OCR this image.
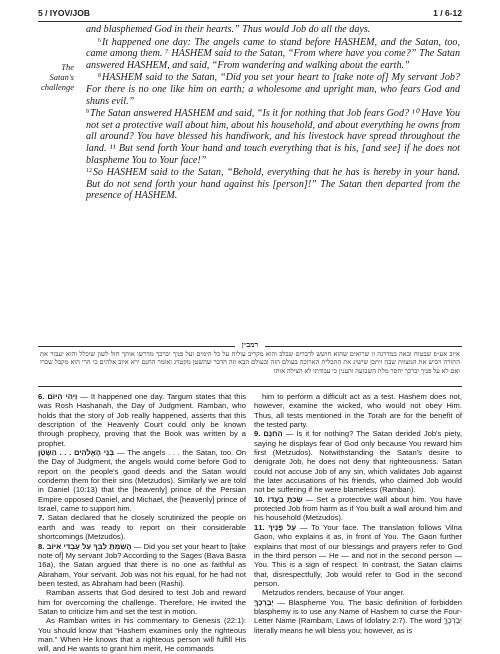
5 / IYOV/JOB	1 / 6-12
The Satan's challenge

and blasphemed God in their hearts.” Thus would Job do all the days.

$^6$It happened one day: The angels came to stand before HASHEM, and the Satan, too, came among them. ⁷ HASHEM said to the Satan, “From where have you come?” The Satan answered HASHEM, and said, “From wandering and walking about the earth.”

$^8$HASHEM said to the Satan, “Did you set your heart to [take note of] My servant Job? For there is no one like him on earth; a wholesome and upright man, who fears God and shuns evil.”

$^9$The Satan answered HASHEM and said, “Is it for nothing that Job fears God? ¹⁰ Have You not set a protective wall about him, about his household, and about everything he owns from all around? You have blessed his handiwork, and his livestock have spread throughout the land. ¹¹ But send forth Your hand and touch everything that is his, [and see] if he does not blaspheme You to Your face!”

$^{12}$So HASHEM said to the Satan, “Behold, everything that he has is hereby in your hand. But do not send forth your hand against his [person]!” The Satan then departed from the presence of HASHEM.

רמב״ן
איוב אע״פ שבטוח ובאה במדרגה זו שרואים שהוא חושש לדברים שבלב והוא מקריב עולות על כל הימים ועל פניך יברכך מדרשו אותך חזל לשון שיכלל והוא יעבור את התורה ויביש את המצוות שבה ויתכן שישיג את התכלית הארוכה בעולם הזה ובעולם הבא וזה הדבר שהשטן מקטרג ואומר החנם ירא איוב אלהים כי הרי הוא מקבל שכרו ואם לא על פניך יברכך יחסר מלת השבועה והענין כי עבודתו לא הצילה אותו

6. וַיְהִי הַיּוֹם — It happened one day. Targum states that this was Rosh Hashanah, the Day of Judgment. Ramban, who holds that the story of Job really happened, asserts that this description of the Heavenly Court could only be known through prophecy, proving that the Book was written by a prophet.

בְּנֵי הָאֱלֹהִים . . . הַשָּׂטָן — The angels . . . the Satan, too. On the Day of Judgment, the angels would come before God to report on the people's good deeds and the Satan would condemn them for their sins (Metzudos). Similarly we are told in Daniel (10:13) that the [heavenly] prince of the Persian Empire opposed Daniel, and Michael, the [heavenly] prince of Israel, came to support him.

7. Satan declared that he closely scrutinized the people on earth and was ready to report on their considerable shortcomings (Metzudos).

8. הֲשַׂמְתָּ לִבְּךָ עַל עַבְדִּי אִיּוֹב — Did you set your heart to [take note of] My servant Job? According to the Sages (Bava Basra 16a), the Satan argued that there is no one as faithful as Abraham, Your servant. Job was not his equal, for he had not been tested, as Abraham had been (Rashi).

Ramban asserts that God desired to test Job and reward him for overcoming the challenge. Therefore, He invited the Satan to criticize him and set the test in motion.

As Ramban writes in his commentary to Genesis (22:1): You should know that “Hashem examines only the righteous man.” When He knows that a righteous person will fulfill His will, and He wants to grant him merit, He commands

him to perform a difficult act as a test. Hashem does not, however, examine the wicked, who would not obey Him. Thus, all tests mentioned in the Torah are for the benefit of the tested party.

9. הַחִנָּם — Is it for nothing? The Satan derided Job's piety, saying he displays fear of God only because You reward him first (Metzudos). Notwithstanding the Satan's desire to denigrate Job, he does not deny that righteousness. Satan could not accuse Job of any sin, which validates Job against the later accusations of his friends, who claimed Job would not be suffering if he were blameless (Ramban).

10. שַׂכְתָּ בַעֲדוֹ — Set a protective wall about him. You have protected Job from harm as if You built a wall around him and his household (Metzudos).

11. עַל פָּנֶיךָ — To Your face. The translation follows Vilna Gaon, who explains it as, in front of You. The Gaon further explains that most of our blessings and prayers refer to God in the third person — He — and not in the second person — You. This is a sign of respect. In contrast, the Satan claims that, disrespectfully, Job would refer to God in the second person.

Metzudos renders, because of Your anger.

יְבָרְכֶךָּ — Blaspheme You. The basic definition of forbidden blasphemy is to use any Name of Hashem to curse the Four-Letter Name (Rambam, Laws of Idolatry 2:7). The word יְבָרְכֶךָּ literally means he will bless you; however, as is
